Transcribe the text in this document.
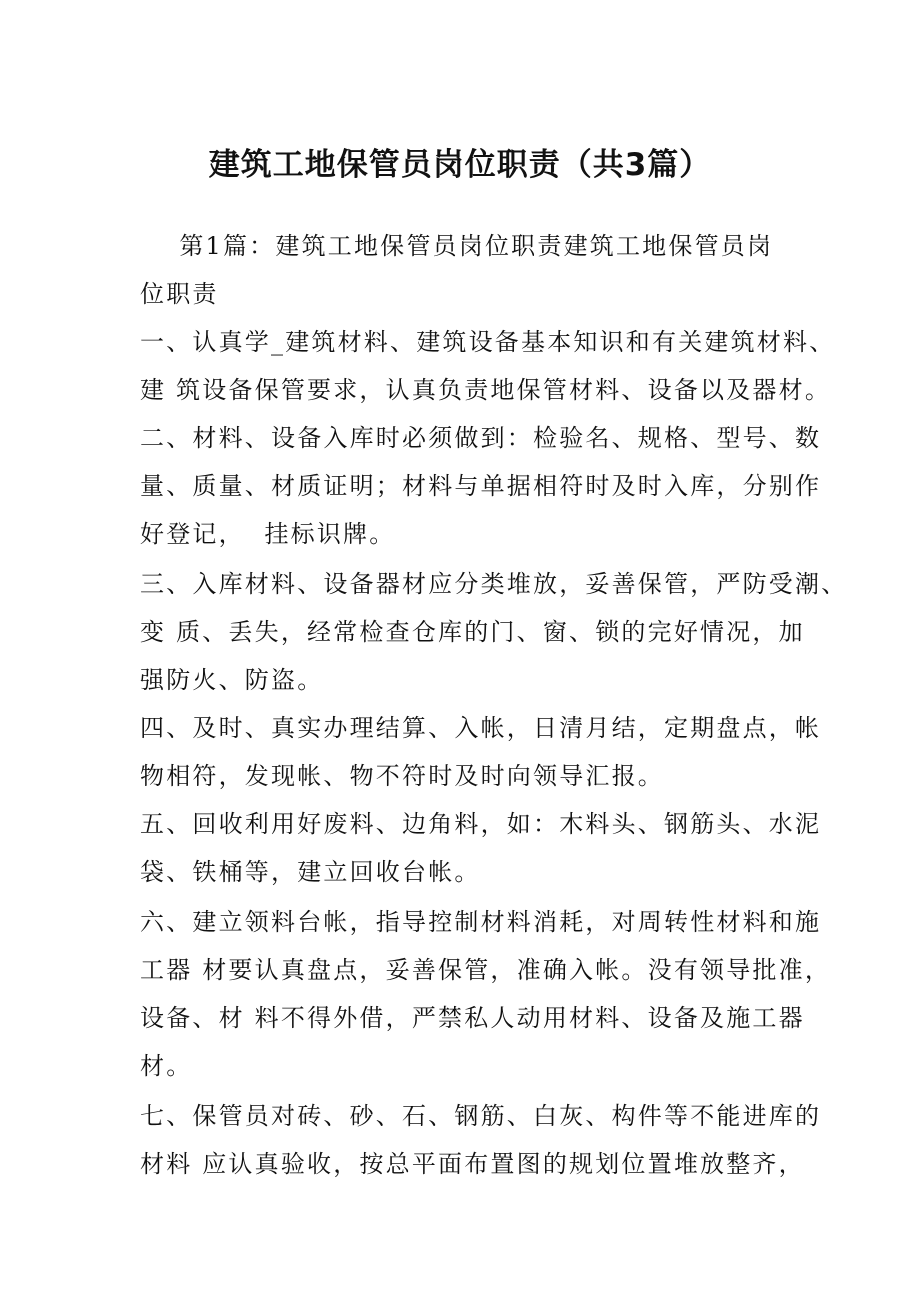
建筑工地保管员岗位职责（共3篇）

第1篇：建筑工地保管员岗位职责建筑工地保管员岗

位职责

一、认真学_建筑材料、建筑设备基本知识和有关建筑材料、

建 筑设备保管要求，认真负责地保管材料、设备以及器材。

二、材料、设备入库时必须做到：检验名、规格、型号、数

量、质量、材质证明；材料与单据相符时及时入库，分别作

好登记，  挂标识牌。

三、入库材料、设备器材应分类堆放，妥善保管，严防受潮、

变 质、丢失，经常检查仓库的门、窗、锁的完好情况，加

强防火、防盗。

四、及时、真实办理结算、入帐，日清月结，定期盘点，帐

物相符，发现帐、物不符时及时向领导汇报。

五、回收利用好废料、边角料，如：木料头、钢筋头、水泥

袋、铁桶等，建立回收台帐。

六、建立领料台帐，指导控制材料消耗，对周转性材料和施

工器 材要认真盘点，妥善保管，准确入帐。没有领导批准，

设备、材 料不得外借，严禁私人动用材料、设备及施工器

材。

七、保管员对砖、砂、石、钢筋、白灰、构件等不能进库的

材料 应认真验收，按总平面布置图的规划位置堆放整齐，
